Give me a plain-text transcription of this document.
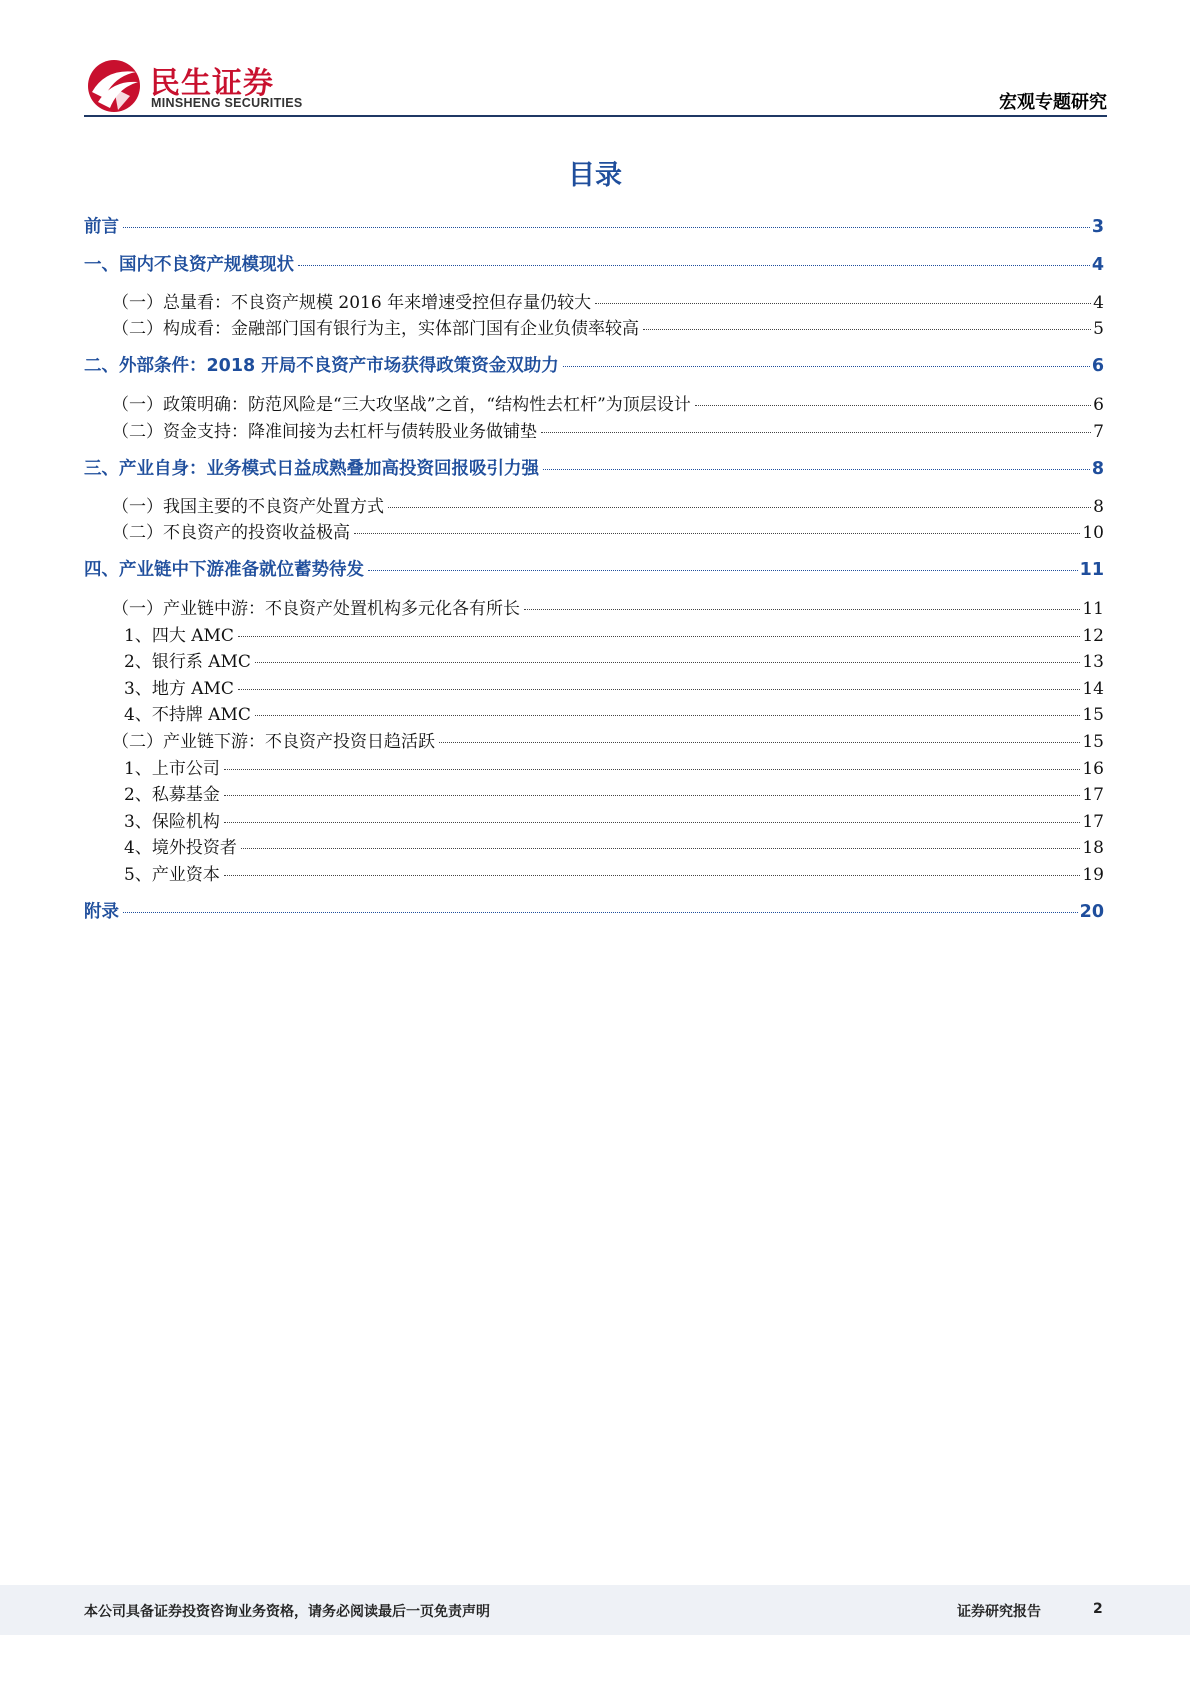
民生证券
MINSHENG SECURITIES	宏观专题研究
目录
前言	3
一、国内不良资产规模现状	4
（一）总量看：不良资产规模 2016 年来增速受控但存量仍较大	4
（二）构成看：金融部门国有银行为主，实体部门国有企业负债率较高	5
二、外部条件：2018 开局不良资产市场获得政策资金双助力	6
（一）政策明确：防范风险是“三大攻坚战”之首，“结构性去杠杆”为顶层设计	6
（二）资金支持：降准间接为去杠杆与债转股业务做铺垫	7
三、产业自身：业务模式日益成熟叠加高投资回报吸引力强	8
（一）我国主要的不良资产处置方式	8
（二）不良资产的投资收益极高	10
四、产业链中下游准备就位蓄势待发	11
（一）产业链中游：不良资产处置机构多元化各有所长	11
1、四大 AMC	12
2、银行系 AMC	13
3、地方 AMC	14
4、不持牌 AMC	15
（二）产业链下游：不良资产投资日趋活跃	15
1、上市公司	16
2、私募基金	17
3、保险机构	17
4、境外投资者	18
5、产业资本	19
附录	20
本公司具备证券投资咨询业务资格，请务必阅读最后一页免责声明	证券研究报告	2
